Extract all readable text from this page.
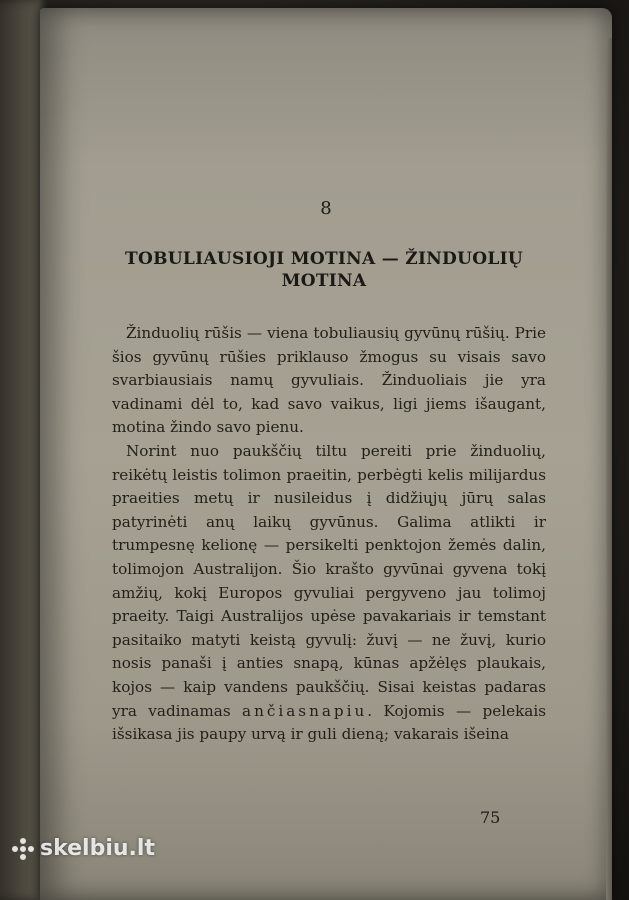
8
TOBULIAUSIOJI MOTINA — ŽINDUOLIŲ
MOTINA

Žinduolių rūšis — viena tobuliausių gyvūnų rūšių. Prie šios gyvūnų rūšies priklauso žmogus su visais savo svarbiausiais namų gyvuliais. Žinduoliais jie yra vadinami dėl to, kad savo vaikus, ligi jiems išaugant, motina žindo savo pienu.

Norint nuo paukščių tiltu pereiti prie žinduolių, reikėtų leistis tolimon praeitin, perbėgti kelis milijardus praeities metų ir nusileidus į didžiųjų jūrų salas patyrinėti anų laikų gyvūnus. Galima atlikti ir trumpesnę kelionę — persikelti penktojon žemės dalin, tolimojon Australijon. Šio krašto gyvūnai gyvena tokį amžių, kokį Europos gyvuliai pergyveno jau tolimoj praeity. Taigi Australijos upėse pavakariais ir temstant pasitaiko matyti keistą gyvulį: žuvį — ne žuvį, kurio nosis panaši į anties snapą, kūnas apžėlęs plaukais, kojos — kaip vandens paukščių. Sisai keistas padaras yra vadinamas ančiasnapiu. Kojomis — pelekais išsikasa jis paupy urvą ir guli dieną; vakarais išeina

75
skelbiu.lt
